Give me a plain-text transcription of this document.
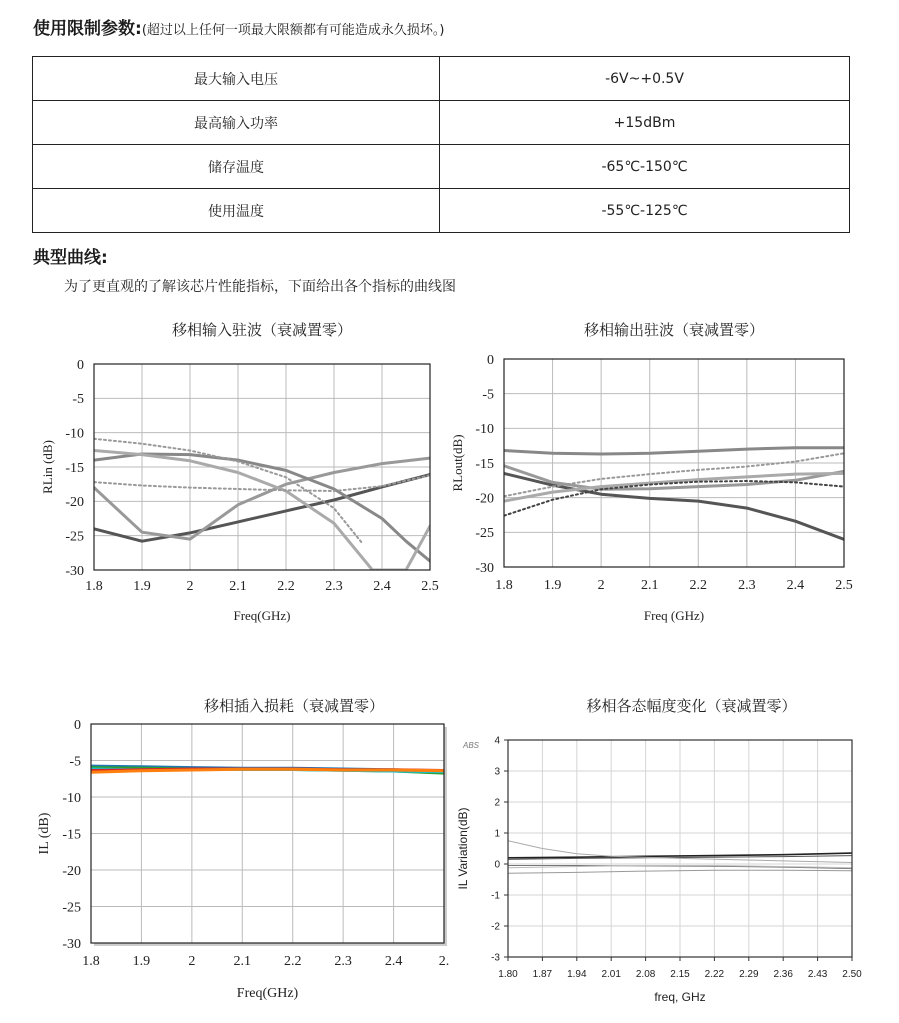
使用限制参数:(超过以上任何一项最大限额都有可能造成永久损坏。)
最大输入电压	-6V~+0.5V
最高输入功率	+15dBm
储存温度	-65℃-150℃
使用温度	-55℃-125℃
典型曲线:
为了更直观的了解该芯片性能指标，下面给出各个指标的曲线图
移相输入驻波（衰减置零）	移相输出驻波（衰减置零）
移相插入损耗（衰减置零）	移相各态幅度变化（衰减置零）
1.8 1.9	2	2.1 2.2 2.3 2.4 2.5
0
-5
-10
-15
-20
-25
-30
Freq(GHz)
RLin (dB)
1.8 1.9	2	2.1 2.2 2.3 2.4 2.5
0
-5
-10
-15
-20
-25
-30
Freq (GHz)
RLout(dB)
1.8 1.9	2	2.1 2.2 2.3 2.4	2.
0
-5
-10
-15
-20
-25
-30
Freq(GHz)
IL (dB)
1.80 1.87 1.94 2.01 2.08 2.15 2.22 2.29 2.36 2.43 2.50
4
3
2
1
0
-1
-2
-3
freq, GHz
IL Variation(dB)
ABS
